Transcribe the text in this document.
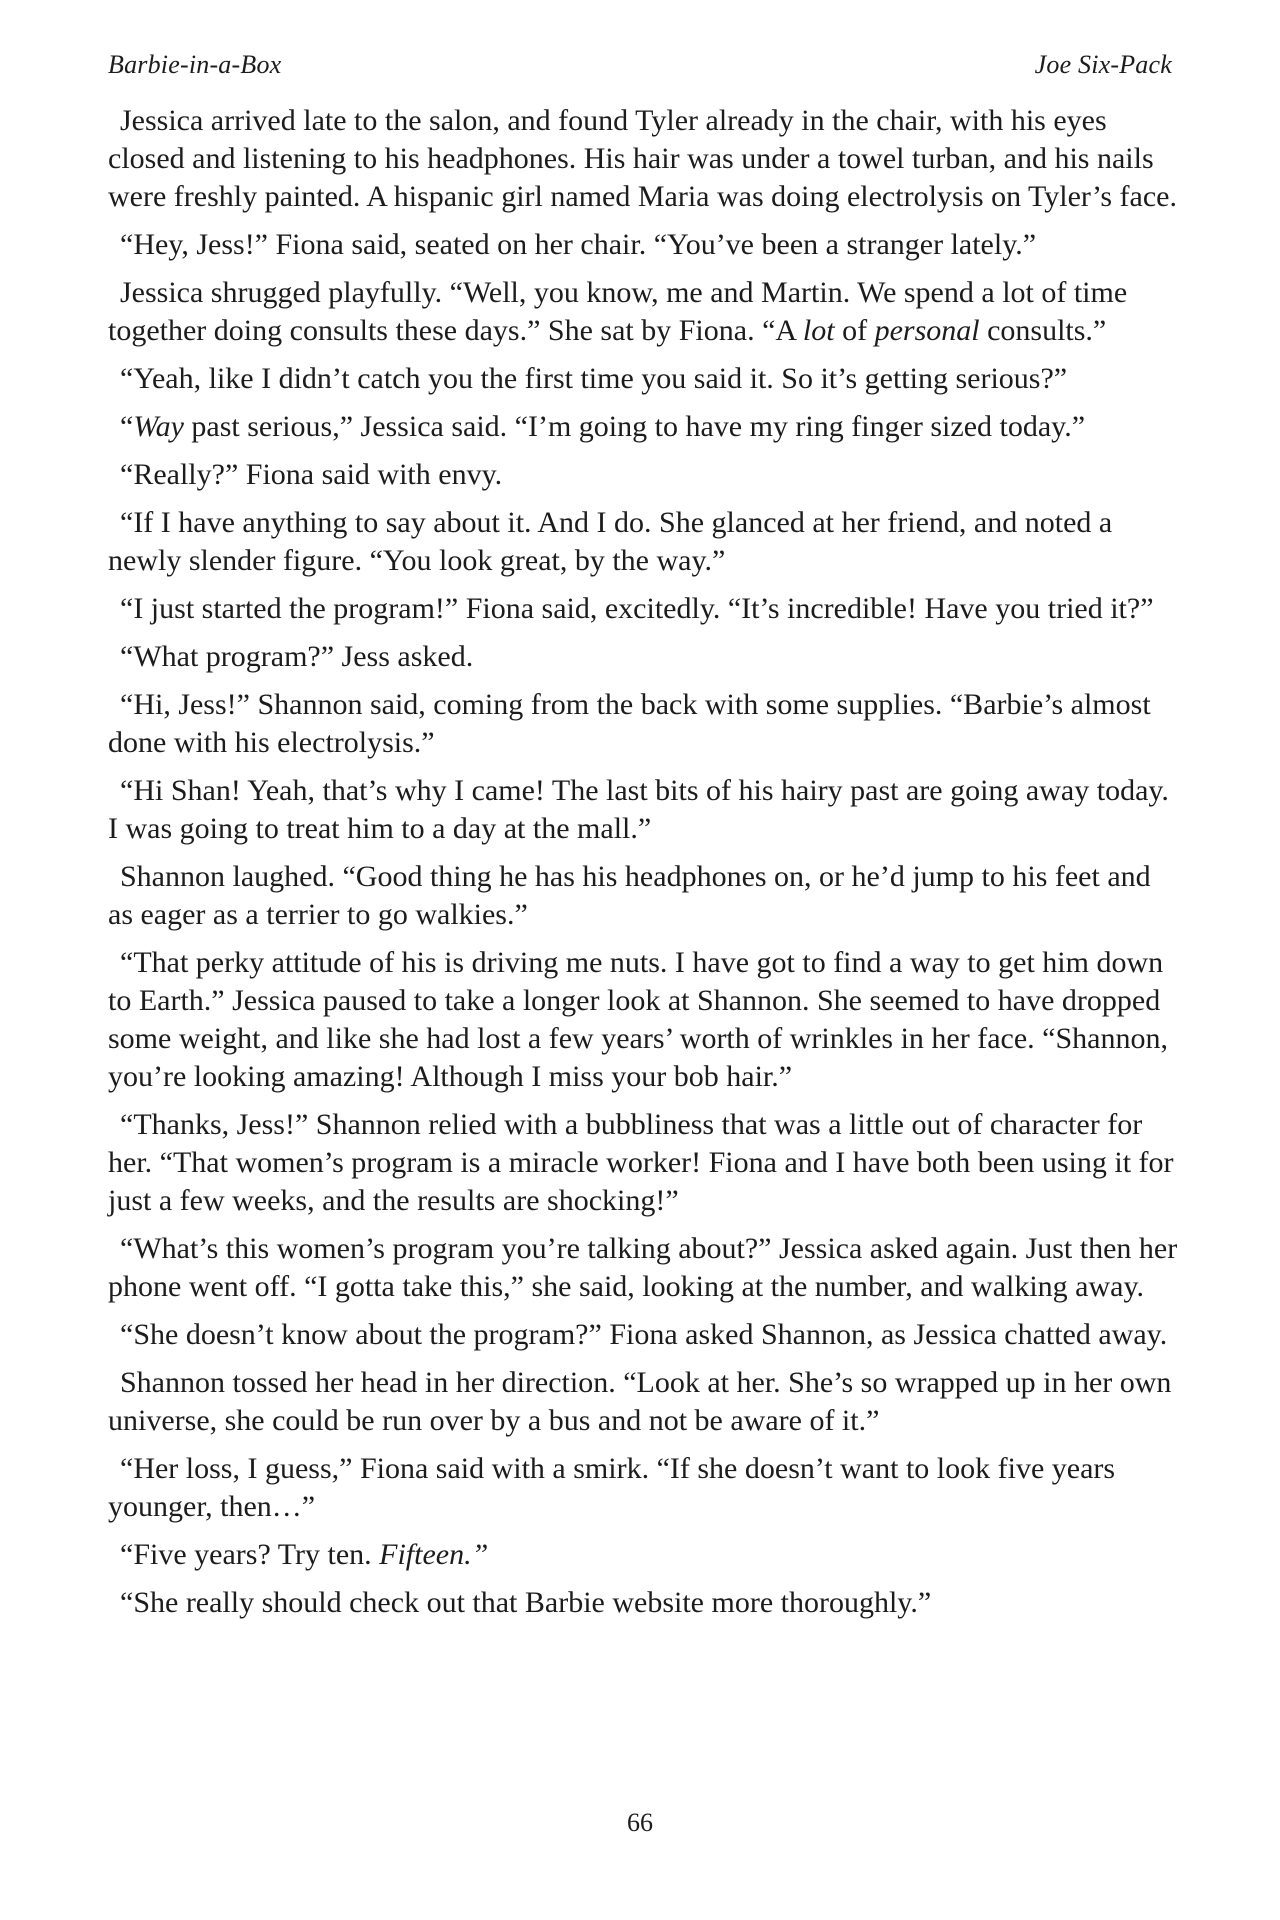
Barbie-in-a-Box	Joe Six-Pack

Jessica arrived late to the salon, and found Tyler already in the chair, with his eyes closed and listening to his headphones. His hair was under a towel turban, and his nails were freshly painted. A hispanic girl named Maria was doing electrolysis on Tyler’s face.

“Hey, Jess!” Fiona said, seated on her chair. “You’ve been a stranger lately.”

Jessica shrugged playfully. “Well, you know, me and Martin. We spend a lot of time together doing consults these days.” She sat by Fiona. “A lot of personal consults.”

“Yeah, like I didn’t catch you the first time you said it. So it’s getting serious?”

“Way past serious,” Jessica said. “I’m going to have my ring finger sized today.”

“Really?” Fiona said with envy.

“If I have anything to say about it. And I do. She glanced at her friend, and noted a newly slender figure. “You look great, by the way.”

“I just started the program!” Fiona said, excitedly. “It’s incredible! Have you tried it?”

“What program?” Jess asked.

“Hi, Jess!” Shannon said, coming from the back with some supplies. “Barbie’s almost done with his electrolysis.”

“Hi Shan! Yeah, that’s why I came! The last bits of his hairy past are going away today. I was going to treat him to a day at the mall.”

Shannon laughed. “Good thing he has his headphones on, or he’d jump to his feet and as eager as a terrier to go walkies.”

“That perky attitude of his is driving me nuts. I have got to find a way to get him down to Earth.” Jessica paused to take a longer look at Shannon. She seemed to have dropped some weight, and like she had lost a few years’ worth of wrinkles in her face. “Shannon, you’re looking amazing! Although I miss your bob hair.”

“Thanks, Jess!” Shannon relied with a bubbliness that was a little out of character for her. “That women’s program is a miracle worker! Fiona and I have both been using it for just a few weeks, and the results are shocking!”

“What’s this women’s program you’re talking about?” Jessica asked again. Just then her phone went off. “I gotta take this,” she said, looking at the number, and walking away.

“She doesn’t know about the program?” Fiona asked Shannon, as Jessica chatted away.

Shannon tossed her head in her direction. “Look at her. She’s so wrapped up in her own universe, she could be run over by a bus and not be aware of it.”

“Her loss, I guess,” Fiona said with a smirk. “If she doesn’t want to look five years younger, then…”

“Five years? Try ten. Fifteen.”

“She really should check out that Barbie website more thoroughly.”

66
